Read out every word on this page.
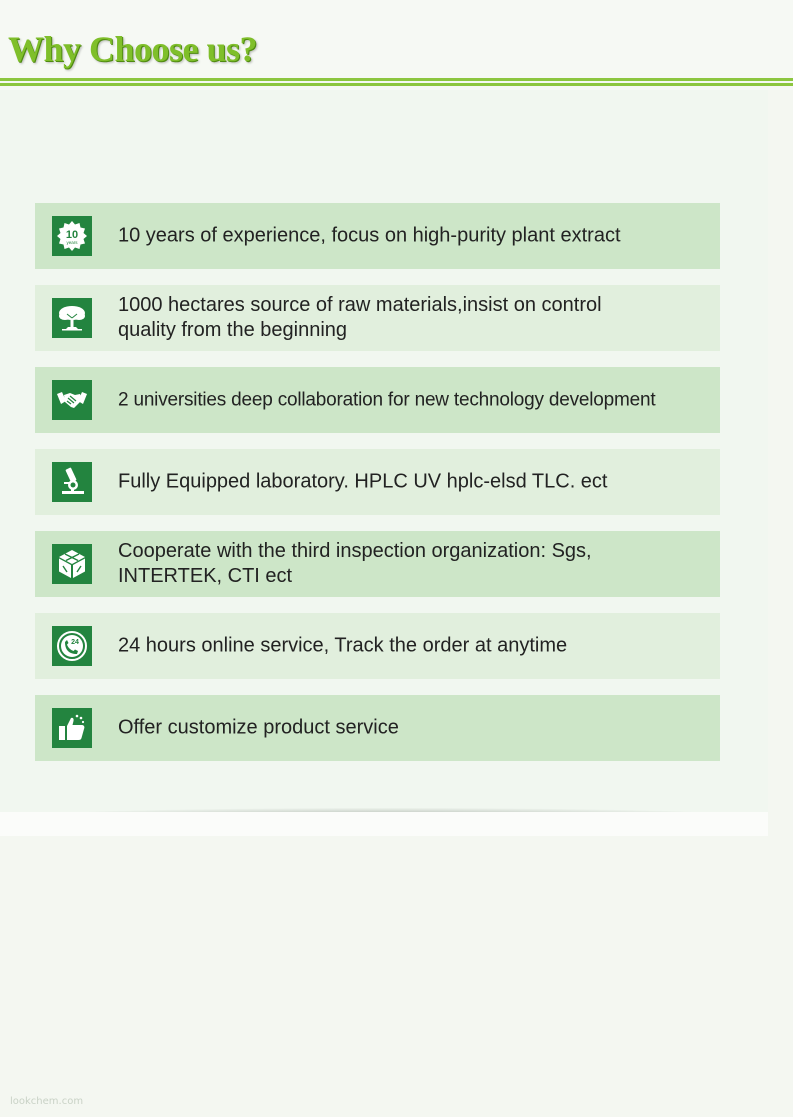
Why Choose us?
10
years 10 years of experience, focus on high-purity plant extract
1000 hectares source of raw materials,insist on control
quality from the beginning
2 universities deep collaboration for new technology development
Fully Equipped laboratory. HPLC UV hplc-elsd TLC. ect
Cooperate with the third inspection organization: Sgs,
INTERTEK, CTI ect
24 24 hours online service, Track the order at anytime
Offer customize product service
lookchem.com
